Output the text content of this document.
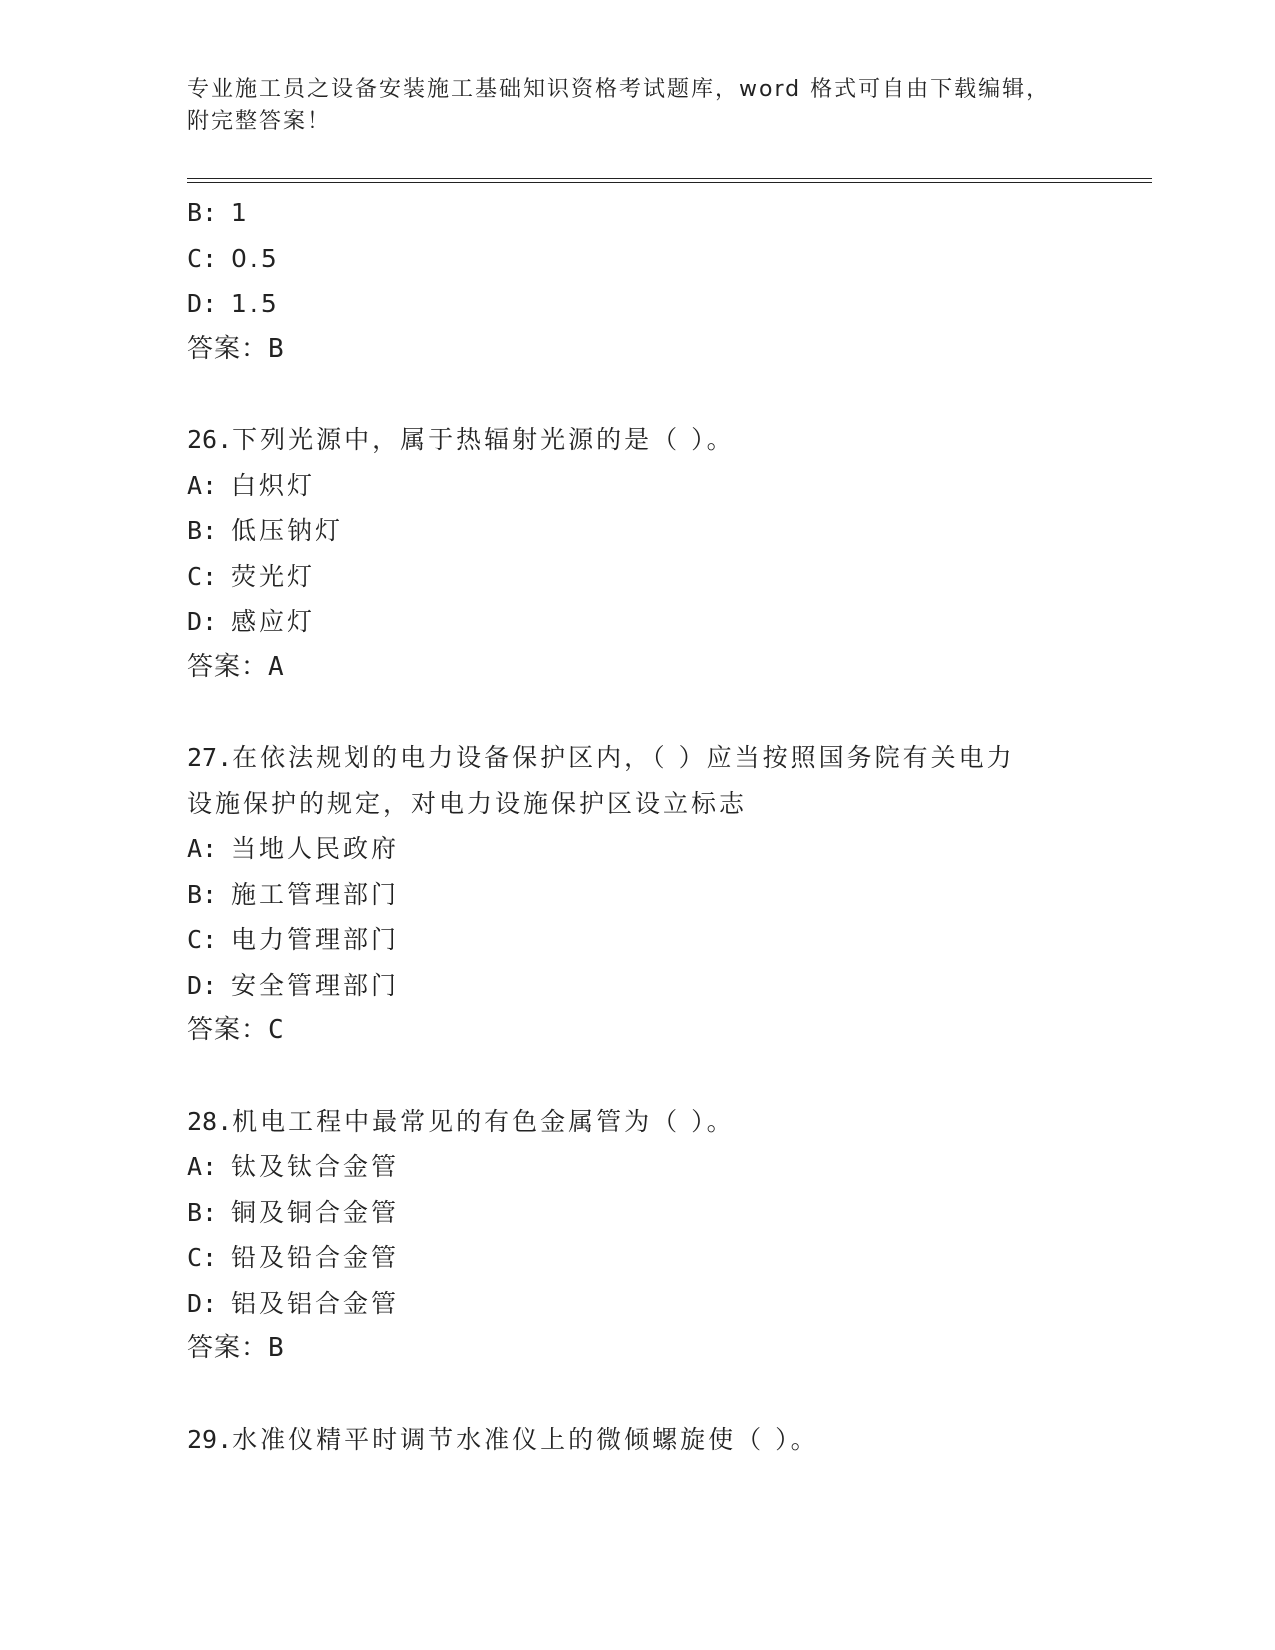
专业施工员之设备安装施工基础知识资格考试题库，word 格式可自由下载编辑，
附完整答案！
B: 1
C: 0.5
D: 1.5
答案：B
26.下列光源中，属于热辐射光源的是（ ）。
A: 白炽灯
B: 低压钠灯
C: 荧光灯
D: 感应灯
答案：A
27.在依法规划的电力设备保护区内，（ ）应当按照国务院有关电力
设施保护的规定，对电力设施保护区设立标志
A: 当地人民政府
B: 施工管理部门
C: 电力管理部门
D: 安全管理部门
答案：C
28.机电工程中最常见的有色金属管为（ ）。
A: 钛及钛合金管
B: 铜及铜合金管
C: 铅及铅合金管
D: 铝及铝合金管
答案：B
29.水准仪精平时调节水准仪上的微倾螺旋使（ ）。
